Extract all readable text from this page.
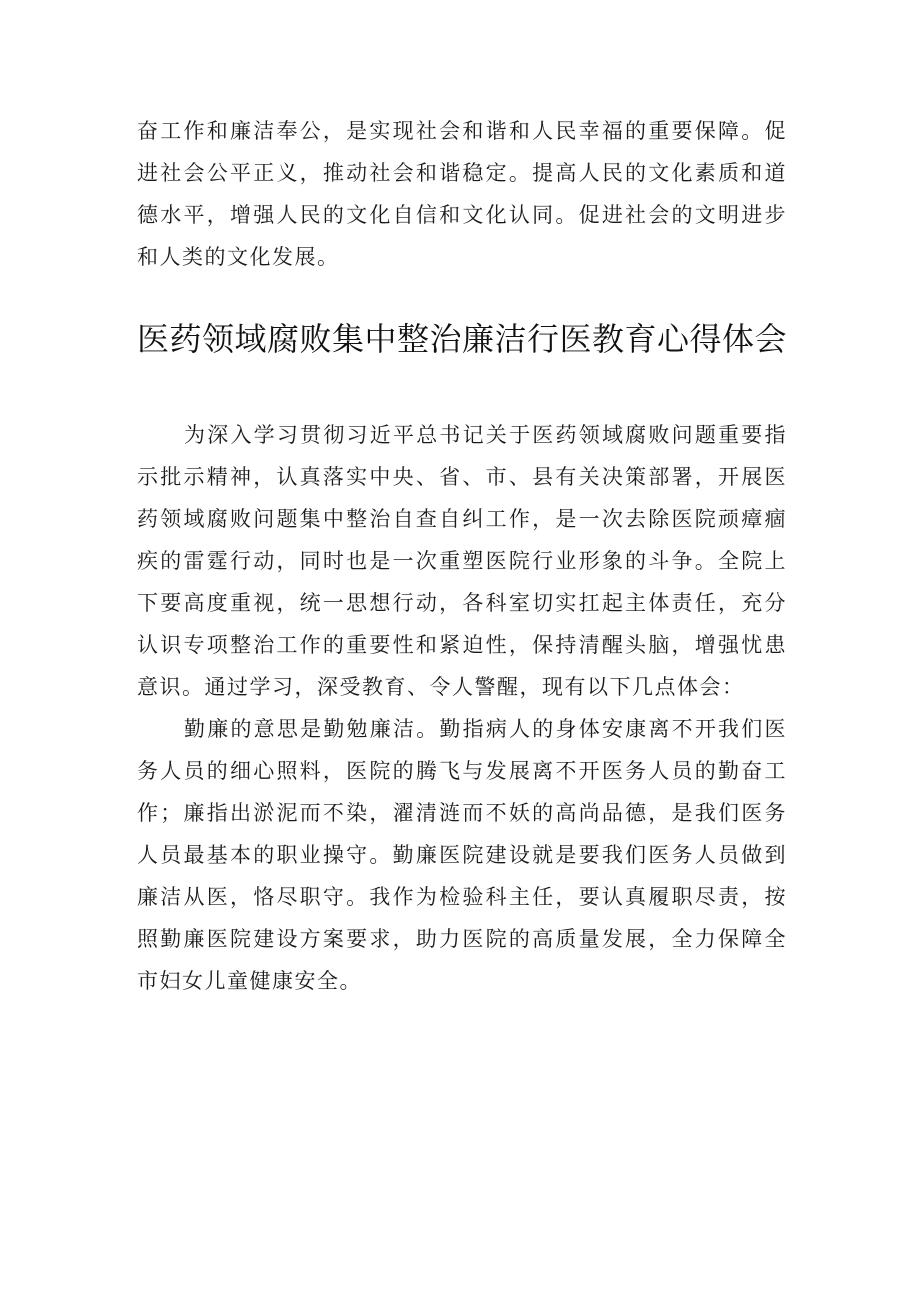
奋工作和廉洁奉公，是实现社会和谐和人民幸福的重要保障。促进社会公平正义，推动社会和谐稳定。提高人民的文化素质和道德水平，增强人民的文化自信和文化认同。促进社会的文明进步和人类的文化发展。

医药领域腐败集中整治廉洁行医教育心得体会

为深入学习贯彻习近平总书记关于医药领域腐败问题重要指示批示精神，认真落实中央、省、市、县有关决策部署，开展医药领域腐败问题集中整治自查自纠工作，是一次去除医院顽瘴痼疾的雷霆行动，同时也是一次重塑医院行业形象的斗争。全院上下要高度重视，统一思想行动，各科室切实扛起主体责任，充分认识专项整治工作的重要性和紧迫性，保持清醒头脑，增强忧患意识。通过学习，深受教育、令人警醒，现有以下几点体会：

勤廉的意思是勤勉廉洁。勤指病人的身体安康离不开我们医务人员的细心照料，医院的腾飞与发展离不开医务人员的勤奋工作；廉指出淤泥而不染，濯清涟而不妖的高尚品德，是我们医务人员最基本的职业操守。勤廉医院建设就是要我们医务人员做到廉洁从医，恪尽职守。我作为检验科主任，要认真履职尽责，按照勤廉医院建设方案要求，助力医院的高质量发展，全力保障全市妇女儿童健康安全。
